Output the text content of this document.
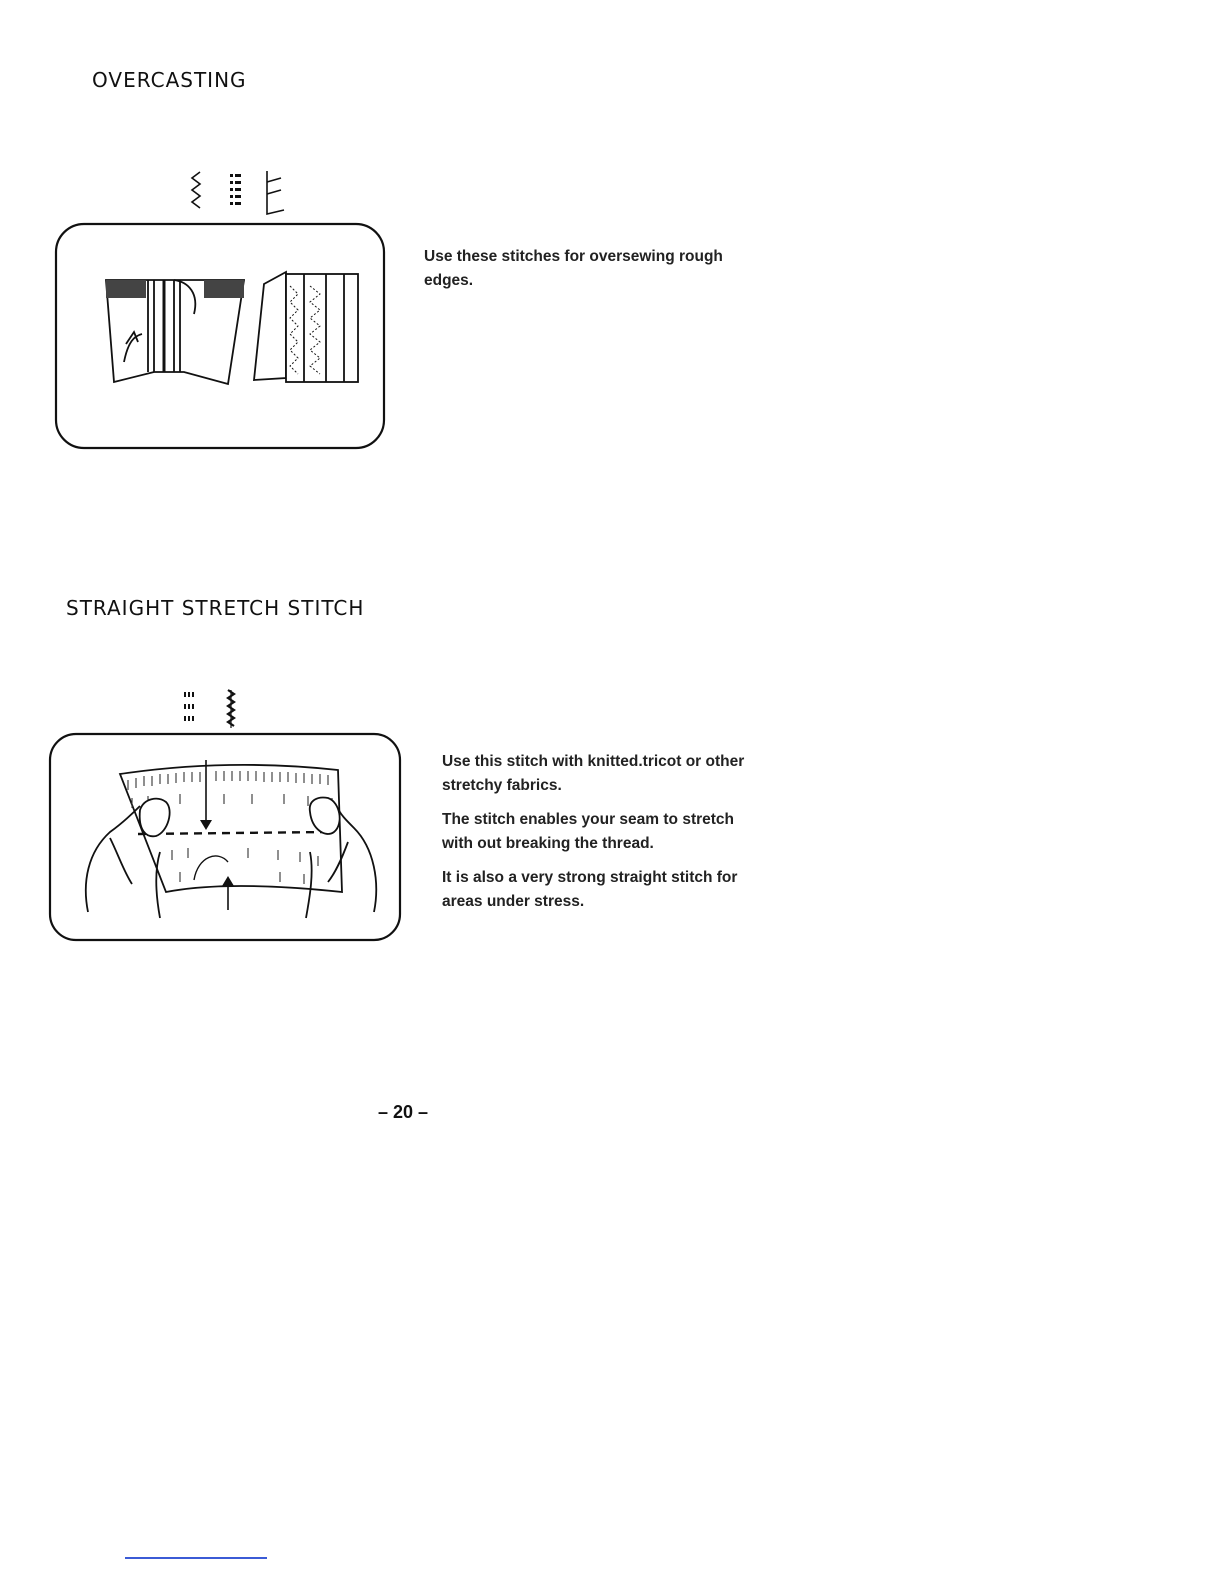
OVERCASTING

Use these stitches for oversewing rough edges.

STRAIGHT STRETCH STITCH

Use this stitch with knitted.tricot or other stretchy fabrics.

The stitch enables your seam to stretch with out breaking the thread.

It is also a very strong straight stitch for areas under stress.

– 20 –
